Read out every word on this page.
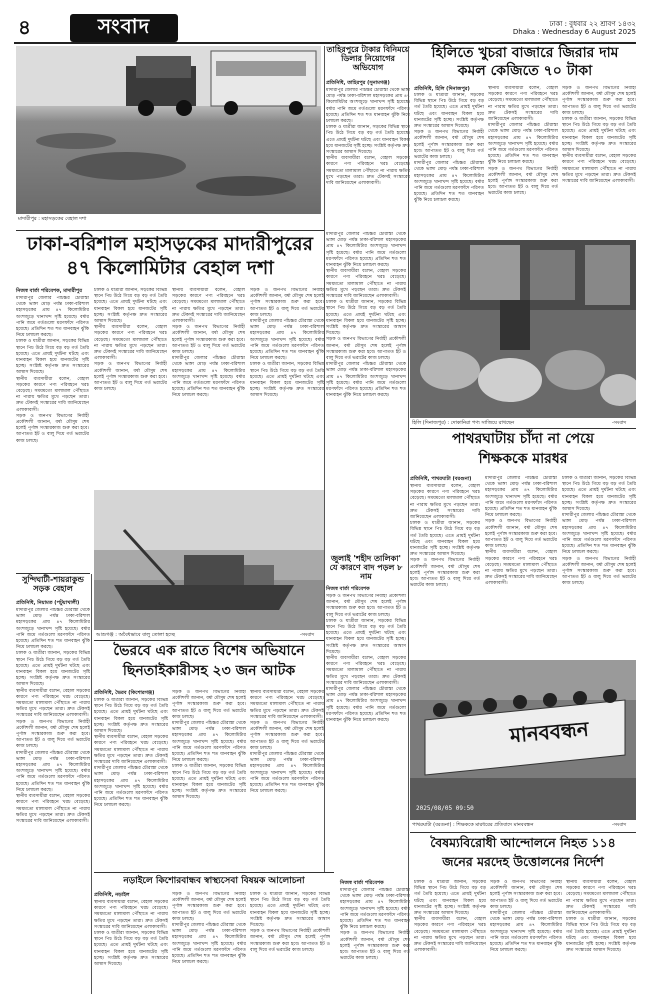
৪	সংবাদ	ঢাকা : বুধবার ২২ শ্রাবণ ১৪৩২
Dhaka : Wednesday 6 August 2025
মাদারীপুর : মহাসড়কের বেহাল দশা
তাহিরপুরে টাকার বিনিময়ে ডিলার নিয়োগের অভিযোগ
প্রতিনিধি, তাহিরপুর (সুনামগঞ্জ)
মাদারীপুর জেলার পাঁচচ্চর চৌরাস্তা থেকে ভাঙ্গা মোড় পর্যন্ত ঢাকা-বরিশাল মহাসড়কের প্রায় ৪৭ কিলোমিটার অংশজুড়ে খানাখন্দ সৃষ্টি হয়েছে। বর্ষার পানি জমে গর্তগুলো মরণফাঁদে পরিণত হয়েছে। প্রতিদিন শত শত যানবাহন ঝুঁকি নিয়ে চলাচল করছে।
চালক ও যাত্রীরা জানান, সড়কের বিভিন্ন স্থানে পিচ উঠে গিয়ে বড় বড় গর্ত তৈরি হয়েছে। এতে প্রায়ই দুর্ঘটনা ঘটছে এবং যানবাহন বিকল হয়ে যানজটের সৃষ্টি হচ্ছে। সংশ্লিষ্ট কর্তৃপক্ষ দ্রুত সংস্কারের আশ্বাস দিয়েছে।
স্থানীয় ব্যবসায়ীরা বলেন, বেহাল সড়কের কারণে পণ্য পরিবহনে খরচ বেড়েছে। সময়মতো মালামাল পৌঁছাতে না পারায় ক্ষতির মুখে পড়ছেন তারা। দ্রুত টেকসই সংস্কারের দাবি জানিয়েছেন এলাকাবাসী।
হিলিতে খুচরা বাজারে জিরার দাম
কমল কেজিতে ৭০ টাকা
প্রতিনিধি, হিলি (দিনাজপুর)
চালক ও যাত্রীরা জানান, সড়কের বিভিন্ন স্থানে পিচ উঠে গিয়ে বড় বড় গর্ত তৈরি হয়েছে। এতে প্রায়ই দুর্ঘটনা ঘটছে এবং যানবাহন বিকল হয়ে যানজটের সৃষ্টি হচ্ছে। সংশ্লিষ্ট কর্তৃপক্ষ দ্রুত সংস্কারের আশ্বাস দিয়েছে।
সড়ক ও জনপথ বিভাগের নির্বাহী প্রকৌশলী জানান, বর্ষা মৌসুম শেষ হলেই পূর্ণাঙ্গ সংস্কারকাজ শুরু করা হবে। আপাতত ইট ও বালু দিয়ে গর্ত ভরাটের কাজ চলছে।
মাদারীপুর জেলার পাঁচচ্চর চৌরাস্তা থেকে ভাঙ্গা মোড় পর্যন্ত ঢাকা-বরিশাল মহাসড়কের প্রায় ৪৭ কিলোমিটার অংশজুড়ে খানাখন্দ সৃষ্টি হয়েছে। বর্ষার পানি জমে গর্তগুলো মরণফাঁদে পরিণত হয়েছে। প্রতিদিন শত শত যানবাহন ঝুঁকি নিয়ে চলাচল করছে।
স্থানীয় ব্যবসায়ীরা বলেন, বেহাল সড়কের কারণে পণ্য পরিবহনে খরচ বেড়েছে। সময়মতো মালামাল পৌঁছাতে না পারায় ক্ষতির মুখে পড়ছেন তারা। দ্রুত টেকসই সংস্কারের দাবি জানিয়েছেন এলাকাবাসী।
মাদারীপুর জেলার পাঁচচ্চর চৌরাস্তা থেকে ভাঙ্গা মোড় পর্যন্ত ঢাকা-বরিশাল মহাসড়কের প্রায় ৪৭ কিলোমিটার অংশজুড়ে খানাখন্দ সৃষ্টি হয়েছে। বর্ষার পানি জমে গর্তগুলো মরণফাঁদে পরিণত হয়েছে। প্রতিদিন শত শত যানবাহন ঝুঁকি নিয়ে চলাচল করছে।
সড়ক ও জনপথ বিভাগের নির্বাহী প্রকৌশলী জানান, বর্ষা মৌসুম শেষ হলেই পূর্ণাঙ্গ সংস্কারকাজ শুরু করা হবে। আপাতত ইট ও বালু দিয়ে গর্ত ভরাটের কাজ চলছে।
সড়ক ও জনপথ বিভাগের নির্বাহী প্রকৌশলী জানান, বর্ষা মৌসুম শেষ হলেই পূর্ণাঙ্গ সংস্কারকাজ শুরু করা হবে। আপাতত ইট ও বালু দিয়ে গর্ত ভরাটের কাজ চলছে।
চালক ও যাত্রীরা জানান, সড়কের বিভিন্ন স্থানে পিচ উঠে গিয়ে বড় বড় গর্ত তৈরি হয়েছে। এতে প্রায়ই দুর্ঘটনা ঘটছে এবং যানবাহন বিকল হয়ে যানজটের সৃষ্টি হচ্ছে। সংশ্লিষ্ট কর্তৃপক্ষ দ্রুত সংস্কারের আশ্বাস দিয়েছে।
স্থানীয় ব্যবসায়ীরা বলেন, বেহাল সড়কের কারণে পণ্য পরিবহনে খরচ বেড়েছে। সময়মতো মালামাল পৌঁছাতে না পারায় ক্ষতির মুখে পড়ছেন তারা। দ্রুত টেকসই সংস্কারের দাবি জানিয়েছেন এলাকাবাসী।
হিলি (দিনাজপুর) : দোকানিরা পণ্য সাজিয়ে রাখছেন	-সংবাদ
ঢাকা-বরিশাল মহাসড়কের মাদারীপুরের
৪৭ কিলোমিটার বেহাল দশা
নিজস্ব বার্তা পরিবেশক, মাদারীপুর
মাদারীপুর জেলার পাঁচচ্চর চৌরাস্তা থেকে ভাঙ্গা মোড় পর্যন্ত ঢাকা-বরিশাল মহাসড়কের প্রায় ৪৭ কিলোমিটার অংশজুড়ে খানাখন্দ সৃষ্টি হয়েছে। বর্ষার পানি জমে গর্তগুলো মরণফাঁদে পরিণত হয়েছে। প্রতিদিন শত শত যানবাহন ঝুঁকি নিয়ে চলাচল করছে।
চালক ও যাত্রীরা জানান, সড়কের বিভিন্ন স্থানে পিচ উঠে গিয়ে বড় বড় গর্ত তৈরি হয়েছে। এতে প্রায়ই দুর্ঘটনা ঘটছে এবং যানবাহন বিকল হয়ে যানজটের সৃষ্টি হচ্ছে। সংশ্লিষ্ট কর্তৃপক্ষ দ্রুত সংস্কারের আশ্বাস দিয়েছে।
স্থানীয় ব্যবসায়ীরা বলেন, বেহাল সড়কের কারণে পণ্য পরিবহনে খরচ বেড়েছে। সময়মতো মালামাল পৌঁছাতে না পারায় ক্ষতির মুখে পড়ছেন তারা। দ্রুত টেকসই সংস্কারের দাবি জানিয়েছেন এলাকাবাসী।
সড়ক ও জনপথ বিভাগের নির্বাহী প্রকৌশলী জানান, বর্ষা মৌসুম শেষ হলেই পূর্ণাঙ্গ সংস্কারকাজ শুরু করা হবে। আপাতত ইট ও বালু দিয়ে গর্ত ভরাটের কাজ চলছে।
চালক ও যাত্রীরা জানান, সড়কের বিভিন্ন স্থানে পিচ উঠে গিয়ে বড় বড় গর্ত তৈরি হয়েছে। এতে প্রায়ই দুর্ঘটনা ঘটছে এবং যানবাহন বিকল হয়ে যানজটের সৃষ্টি হচ্ছে। সংশ্লিষ্ট কর্তৃপক্ষ দ্রুত সংস্কারের আশ্বাস দিয়েছে।
স্থানীয় ব্যবসায়ীরা বলেন, বেহাল সড়কের কারণে পণ্য পরিবহনে খরচ বেড়েছে। সময়মতো মালামাল পৌঁছাতে না পারায় ক্ষতির মুখে পড়ছেন তারা। দ্রুত টেকসই সংস্কারের দাবি জানিয়েছেন এলাকাবাসী।
সড়ক ও জনপথ বিভাগের নির্বাহী প্রকৌশলী জানান, বর্ষা মৌসুম শেষ হলেই পূর্ণাঙ্গ সংস্কারকাজ শুরু করা হবে। আপাতত ইট ও বালু দিয়ে গর্ত ভরাটের কাজ চলছে।
স্থানীয় ব্যবসায়ীরা বলেন, বেহাল সড়কের কারণে পণ্য পরিবহনে খরচ বেড়েছে। সময়মতো মালামাল পৌঁছাতে না পারায় ক্ষতির মুখে পড়ছেন তারা। দ্রুত টেকসই সংস্কারের দাবি জানিয়েছেন এলাকাবাসী।
সড়ক ও জনপথ বিভাগের নির্বাহী প্রকৌশলী জানান, বর্ষা মৌসুম শেষ হলেই পূর্ণাঙ্গ সংস্কারকাজ শুরু করা হবে। আপাতত ইট ও বালু দিয়ে গর্ত ভরাটের কাজ চলছে।
মাদারীপুর জেলার পাঁচচ্চর চৌরাস্তা থেকে ভাঙ্গা মোড় পর্যন্ত ঢাকা-বরিশাল মহাসড়কের প্রায় ৪৭ কিলোমিটার অংশজুড়ে খানাখন্দ সৃষ্টি হয়েছে। বর্ষার পানি জমে গর্তগুলো মরণফাঁদে পরিণত হয়েছে। প্রতিদিন শত শত যানবাহন ঝুঁকি নিয়ে চলাচল করছে।
সড়ক ও জনপথ বিভাগের নির্বাহী প্রকৌশলী জানান, বর্ষা মৌসুম শেষ হলেই পূর্ণাঙ্গ সংস্কারকাজ শুরু করা হবে। আপাতত ইট ও বালু দিয়ে গর্ত ভরাটের কাজ চলছে।
মাদারীপুর জেলার পাঁচচ্চর চৌরাস্তা থেকে ভাঙ্গা মোড় পর্যন্ত ঢাকা-বরিশাল মহাসড়কের প্রায় ৪৭ কিলোমিটার অংশজুড়ে খানাখন্দ সৃষ্টি হয়েছে। বর্ষার পানি জমে গর্তগুলো মরণফাঁদে পরিণত হয়েছে। প্রতিদিন শত শত যানবাহন ঝুঁকি নিয়ে চলাচল করছে।
চালক ও যাত্রীরা জানান, সড়কের বিভিন্ন স্থানে পিচ উঠে গিয়ে বড় বড় গর্ত তৈরি হয়েছে। এতে প্রায়ই দুর্ঘটনা ঘটছে এবং যানবাহন বিকল হয়ে যানজটের সৃষ্টি হচ্ছে। সংশ্লিষ্ট কর্তৃপক্ষ দ্রুত সংস্কারের আশ্বাস দিয়েছে।
মাদারীপুর জেলার পাঁচচ্চর চৌরাস্তা থেকে ভাঙ্গা মোড় পর্যন্ত ঢাকা-বরিশাল মহাসড়কের প্রায় ৪৭ কিলোমিটার অংশজুড়ে খানাখন্দ সৃষ্টি হয়েছে। বর্ষার পানি জমে গর্তগুলো মরণফাঁদে পরিণত হয়েছে। প্রতিদিন শত শত যানবাহন ঝুঁকি নিয়ে চলাচল করছে।
স্থানীয় ব্যবসায়ীরা বলেন, বেহাল সড়কের কারণে পণ্য পরিবহনে খরচ বেড়েছে। সময়মতো মালামাল পৌঁছাতে না পারায় ক্ষতির মুখে পড়ছেন তারা। দ্রুত টেকসই সংস্কারের দাবি জানিয়েছেন এলাকাবাসী।
চালক ও যাত্রীরা জানান, সড়কের বিভিন্ন স্থানে পিচ উঠে গিয়ে বড় বড় গর্ত তৈরি হয়েছে। এতে প্রায়ই দুর্ঘটনা ঘটছে এবং যানবাহন বিকল হয়ে যানজটের সৃষ্টি হচ্ছে। সংশ্লিষ্ট কর্তৃপক্ষ দ্রুত সংস্কারের আশ্বাস দিয়েছে।
সড়ক ও জনপথ বিভাগের নির্বাহী প্রকৌশলী জানান, বর্ষা মৌসুম শেষ হলেই পূর্ণাঙ্গ সংস্কারকাজ শুরু করা হবে। আপাতত ইট ও বালু দিয়ে গর্ত ভরাটের কাজ চলছে।
মাদারীপুর জেলার পাঁচচ্চর চৌরাস্তা থেকে ভাঙ্গা মোড় পর্যন্ত ঢাকা-বরিশাল মহাসড়কের প্রায় ৪৭ কিলোমিটার অংশজুড়ে খানাখন্দ সৃষ্টি হয়েছে। বর্ষার পানি জমে গর্তগুলো মরণফাঁদে পরিণত হয়েছে। প্রতিদিন শত শত যানবাহন ঝুঁকি নিয়ে চলাচল করছে।
সুন্দিঘাটী-শায়রাকুন্ড সড়ক বেহাল
প্রতিনিধি, নিয়ামত (পটুয়াখালী)
মাদারীপুর জেলার পাঁচচ্চর চৌরাস্তা থেকে ভাঙ্গা মোড় পর্যন্ত ঢাকা-বরিশাল মহাসড়কের প্রায় ৪৭ কিলোমিটার অংশজুড়ে খানাখন্দ সৃষ্টি হয়েছে। বর্ষার পানি জমে গর্তগুলো মরণফাঁদে পরিণত হয়েছে। প্রতিদিন শত শত যানবাহন ঝুঁকি নিয়ে চলাচল করছে।
চালক ও যাত্রীরা জানান, সড়কের বিভিন্ন স্থানে পিচ উঠে গিয়ে বড় বড় গর্ত তৈরি হয়েছে। এতে প্রায়ই দুর্ঘটনা ঘটছে এবং যানবাহন বিকল হয়ে যানজটের সৃষ্টি হচ্ছে। সংশ্লিষ্ট কর্তৃপক্ষ দ্রুত সংস্কারের আশ্বাস দিয়েছে।
স্থানীয় ব্যবসায়ীরা বলেন, বেহাল সড়কের কারণে পণ্য পরিবহনে খরচ বেড়েছে। সময়মতো মালামাল পৌঁছাতে না পারায় ক্ষতির মুখে পড়ছেন তারা। দ্রুত টেকসই সংস্কারের দাবি জানিয়েছেন এলাকাবাসী।
সড়ক ও জনপথ বিভাগের নির্বাহী প্রকৌশলী জানান, বর্ষা মৌসুম শেষ হলেই পূর্ণাঙ্গ সংস্কারকাজ শুরু করা হবে। আপাতত ইট ও বালু দিয়ে গর্ত ভরাটের কাজ চলছে।
মাদারীপুর জেলার পাঁচচ্চর চৌরাস্তা থেকে ভাঙ্গা মোড় পর্যন্ত ঢাকা-বরিশাল মহাসড়কের প্রায় ৪৭ কিলোমিটার অংশজুড়ে খানাখন্দ সৃষ্টি হয়েছে। বর্ষার পানি জমে গর্তগুলো মরণফাঁদে পরিণত হয়েছে। প্রতিদিন শত শত যানবাহন ঝুঁকি নিয়ে চলাচল করছে।
স্থানীয় ব্যবসায়ীরা বলেন, বেহাল সড়কের কারণে পণ্য পরিবহনে খরচ বেড়েছে। সময়মতো মালামাল পৌঁছাতে না পারায় ক্ষতির মুখে পড়ছেন তারা। দ্রুত টেকসই সংস্কারের দাবি জানিয়েছেন এলাকাবাসী।
আশুগঞ্জ : অবৈধভাবে বালু তোলা হচ্ছে	-সংবাদ
পাথরঘাটায় চাঁদা না পেয়ে
শিক্ষককে মারধর
প্রতিনিধি, পাথরঘাটা (বরগুনা)
স্থানীয় ব্যবসায়ীরা বলেন, বেহাল সড়কের কারণে পণ্য পরিবহনে খরচ বেড়েছে। সময়মতো মালামাল পৌঁছাতে না পারায় ক্ষতির মুখে পড়ছেন তারা। দ্রুত টেকসই সংস্কারের দাবি জানিয়েছেন এলাকাবাসী।
চালক ও যাত্রীরা জানান, সড়কের বিভিন্ন স্থানে পিচ উঠে গিয়ে বড় বড় গর্ত তৈরি হয়েছে। এতে প্রায়ই দুর্ঘটনা ঘটছে এবং যানবাহন বিকল হয়ে যানজটের সৃষ্টি হচ্ছে। সংশ্লিষ্ট কর্তৃপক্ষ দ্রুত সংস্কারের আশ্বাস দিয়েছে।
সড়ক ও জনপথ বিভাগের নির্বাহী প্রকৌশলী জানান, বর্ষা মৌসুম শেষ হলেই পূর্ণাঙ্গ সংস্কারকাজ শুরু করা হবে। আপাতত ইট ও বালু দিয়ে গর্ত ভরাটের কাজ চলছে।
মাদারীপুর জেলার পাঁচচ্চর চৌরাস্তা থেকে ভাঙ্গা মোড় পর্যন্ত ঢাকা-বরিশাল মহাসড়কের প্রায় ৪৭ কিলোমিটার অংশজুড়ে খানাখন্দ সৃষ্টি হয়েছে। বর্ষার পানি জমে গর্তগুলো মরণফাঁদে পরিণত হয়েছে। প্রতিদিন শত শত যানবাহন ঝুঁকি নিয়ে চলাচল করছে।
সড়ক ও জনপথ বিভাগের নির্বাহী প্রকৌশলী জানান, বর্ষা মৌসুম শেষ হলেই পূর্ণাঙ্গ সংস্কারকাজ শুরু করা হবে। আপাতত ইট ও বালু দিয়ে গর্ত ভরাটের কাজ চলছে।
স্থানীয় ব্যবসায়ীরা বলেন, বেহাল সড়কের কারণে পণ্য পরিবহনে খরচ বেড়েছে। সময়মতো মালামাল পৌঁছাতে না পারায় ক্ষতির মুখে পড়ছেন তারা। দ্রুত টেকসই সংস্কারের দাবি জানিয়েছেন এলাকাবাসী।
চালক ও যাত্রীরা জানান, সড়কের বিভিন্ন স্থানে পিচ উঠে গিয়ে বড় বড় গর্ত তৈরি হয়েছে। এতে প্রায়ই দুর্ঘটনা ঘটছে এবং যানবাহন বিকল হয়ে যানজটের সৃষ্টি হচ্ছে। সংশ্লিষ্ট কর্তৃপক্ষ দ্রুত সংস্কারের আশ্বাস দিয়েছে।
মাদারীপুর জেলার পাঁচচ্চর চৌরাস্তা থেকে ভাঙ্গা মোড় পর্যন্ত ঢাকা-বরিশাল মহাসড়কের প্রায় ৪৭ কিলোমিটার অংশজুড়ে খানাখন্দ সৃষ্টি হয়েছে। বর্ষার পানি জমে গর্তগুলো মরণফাঁদে পরিণত হয়েছে। প্রতিদিন শত শত যানবাহন ঝুঁকি নিয়ে চলাচল করছে।
সড়ক ও জনপথ বিভাগের নির্বাহী প্রকৌশলী জানান, বর্ষা মৌসুম শেষ হলেই পূর্ণাঙ্গ সংস্কারকাজ শুরু করা হবে। আপাতত ইট ও বালু দিয়ে গর্ত ভরাটের কাজ চলছে।
জুলাই 'শহীদ তালিকা' যে কারণে বাদ পড়ল ৮ নাম
নিজস্ব বার্তা পরিবেশক
সড়ক ও জনপথ বিভাগের নির্বাহী প্রকৌশলী জানান, বর্ষা মৌসুম শেষ হলেই পূর্ণাঙ্গ সংস্কারকাজ শুরু করা হবে। আপাতত ইট ও বালু দিয়ে গর্ত ভরাটের কাজ চলছে।
চালক ও যাত্রীরা জানান, সড়কের বিভিন্ন স্থানে পিচ উঠে গিয়ে বড় বড় গর্ত তৈরি হয়েছে। এতে প্রায়ই দুর্ঘটনা ঘটছে এবং যানবাহন বিকল হয়ে যানজটের সৃষ্টি হচ্ছে। সংশ্লিষ্ট কর্তৃপক্ষ দ্রুত সংস্কারের আশ্বাস দিয়েছে।
স্থানীয় ব্যবসায়ীরা বলেন, বেহাল সড়কের কারণে পণ্য পরিবহনে খরচ বেড়েছে। সময়মতো মালামাল পৌঁছাতে না পারায় ক্ষতির মুখে পড়ছেন তারা। দ্রুত টেকসই সংস্কারের দাবি জানিয়েছেন এলাকাবাসী।
মাদারীপুর জেলার পাঁচচ্চর চৌরাস্তা থেকে ভাঙ্গা মোড় পর্যন্ত ঢাকা-বরিশাল মহাসড়কের প্রায় ৪৭ কিলোমিটার অংশজুড়ে খানাখন্দ সৃষ্টি হয়েছে। বর্ষার পানি জমে গর্তগুলো মরণফাঁদে পরিণত হয়েছে। প্রতিদিন শত শত যানবাহন ঝুঁকি নিয়ে চলাচল করছে।
ভৈরবে এক রাতে বিশেষ অভিযানে
ছিনতাইকারীসহ ২৩ জন আটক
প্রতিনিধি, ভৈরব (কিশোরগঞ্জ)
চালক ও যাত্রীরা জানান, সড়কের বিভিন্ন স্থানে পিচ উঠে গিয়ে বড় বড় গর্ত তৈরি হয়েছে। এতে প্রায়ই দুর্ঘটনা ঘটছে এবং যানবাহন বিকল হয়ে যানজটের সৃষ্টি হচ্ছে। সংশ্লিষ্ট কর্তৃপক্ষ দ্রুত সংস্কারের আশ্বাস দিয়েছে।
স্থানীয় ব্যবসায়ীরা বলেন, বেহাল সড়কের কারণে পণ্য পরিবহনে খরচ বেড়েছে। সময়মতো মালামাল পৌঁছাতে না পারায় ক্ষতির মুখে পড়ছেন তারা। দ্রুত টেকসই সংস্কারের দাবি জানিয়েছেন এলাকাবাসী।
মাদারীপুর জেলার পাঁচচ্চর চৌরাস্তা থেকে ভাঙ্গা মোড় পর্যন্ত ঢাকা-বরিশাল মহাসড়কের প্রায় ৪৭ কিলোমিটার অংশজুড়ে খানাখন্দ সৃষ্টি হয়েছে। বর্ষার পানি জমে গর্তগুলো মরণফাঁদে পরিণত হয়েছে। প্রতিদিন শত শত যানবাহন ঝুঁকি নিয়ে চলাচল করছে।
সড়ক ও জনপথ বিভাগের নির্বাহী প্রকৌশলী জানান, বর্ষা মৌসুম শেষ হলেই পূর্ণাঙ্গ সংস্কারকাজ শুরু করা হবে। আপাতত ইট ও বালু দিয়ে গর্ত ভরাটের কাজ চলছে।
মাদারীপুর জেলার পাঁচচ্চর চৌরাস্তা থেকে ভাঙ্গা মোড় পর্যন্ত ঢাকা-বরিশাল মহাসড়কের প্রায় ৪৭ কিলোমিটার অংশজুড়ে খানাখন্দ সৃষ্টি হয়েছে। বর্ষার পানি জমে গর্তগুলো মরণফাঁদে পরিণত হয়েছে। প্রতিদিন শত শত যানবাহন ঝুঁকি নিয়ে চলাচল করছে।
চালক ও যাত্রীরা জানান, সড়কের বিভিন্ন স্থানে পিচ উঠে গিয়ে বড় বড় গর্ত তৈরি হয়েছে। এতে প্রায়ই দুর্ঘটনা ঘটছে এবং যানবাহন বিকল হয়ে যানজটের সৃষ্টি হচ্ছে। সংশ্লিষ্ট কর্তৃপক্ষ দ্রুত সংস্কারের আশ্বাস দিয়েছে।
স্থানীয় ব্যবসায়ীরা বলেন, বেহাল সড়কের কারণে পণ্য পরিবহনে খরচ বেড়েছে। সময়মতো মালামাল পৌঁছাতে না পারায় ক্ষতির মুখে পড়ছেন তারা। দ্রুত টেকসই সংস্কারের দাবি জানিয়েছেন এলাকাবাসী।
সড়ক ও জনপথ বিভাগের নির্বাহী প্রকৌশলী জানান, বর্ষা মৌসুম শেষ হলেই পূর্ণাঙ্গ সংস্কারকাজ শুরু করা হবে। আপাতত ইট ও বালু দিয়ে গর্ত ভরাটের কাজ চলছে।
মাদারীপুর জেলার পাঁচচ্চর চৌরাস্তা থেকে ভাঙ্গা মোড় পর্যন্ত ঢাকা-বরিশাল মহাসড়কের প্রায় ৪৭ কিলোমিটার অংশজুড়ে খানাখন্দ সৃষ্টি হয়েছে। বর্ষার পানি জমে গর্তগুলো মরণফাঁদে পরিণত হয়েছে। প্রতিদিন শত শত যানবাহন ঝুঁকি নিয়ে চলাচল করছে।
মানববন্ধন
2025/08/05 09:50
পাথরঘাটা (বরগুনা) : শিক্ষককে মারধরের প্রতিবাদে মানববন্ধন	-সংবাদ
বৈষম্যবিরোধী আন্দোলনে নিহত ১১৪
জনের মরদেহ উত্তোলনের নির্দেশ
নিজস্ব বার্তা পরিবেশক
মাদারীপুর জেলার পাঁচচ্চর চৌরাস্তা থেকে ভাঙ্গা মোড় পর্যন্ত ঢাকা-বরিশাল মহাসড়কের প্রায় ৪৭ কিলোমিটার অংশজুড়ে খানাখন্দ সৃষ্টি হয়েছে। বর্ষার পানি জমে গর্তগুলো মরণফাঁদে পরিণত হয়েছে। প্রতিদিন শত শত যানবাহন ঝুঁকি নিয়ে চলাচল করছে।
সড়ক ও জনপথ বিভাগের নির্বাহী প্রকৌশলী জানান, বর্ষা মৌসুম শেষ হলেই পূর্ণাঙ্গ সংস্কারকাজ শুরু করা হবে। আপাতত ইট ও বালু দিয়ে গর্ত ভরাটের কাজ চলছে।
চালক ও যাত্রীরা জানান, সড়কের বিভিন্ন স্থানে পিচ উঠে গিয়ে বড় বড় গর্ত তৈরি হয়েছে। এতে প্রায়ই দুর্ঘটনা ঘটছে এবং যানবাহন বিকল হয়ে যানজটের সৃষ্টি হচ্ছে। সংশ্লিষ্ট কর্তৃপক্ষ দ্রুত সংস্কারের আশ্বাস দিয়েছে।
স্থানীয় ব্যবসায়ীরা বলেন, বেহাল সড়কের কারণে পণ্য পরিবহনে খরচ বেড়েছে। সময়মতো মালামাল পৌঁছাতে না পারায় ক্ষতির মুখে পড়ছেন তারা। দ্রুত টেকসই সংস্কারের দাবি জানিয়েছেন এলাকাবাসী।
সড়ক ও জনপথ বিভাগের নির্বাহী প্রকৌশলী জানান, বর্ষা মৌসুম শেষ হলেই পূর্ণাঙ্গ সংস্কারকাজ শুরু করা হবে। আপাতত ইট ও বালু দিয়ে গর্ত ভরাটের কাজ চলছে।
মাদারীপুর জেলার পাঁচচ্চর চৌরাস্তা থেকে ভাঙ্গা মোড় পর্যন্ত ঢাকা-বরিশাল মহাসড়কের প্রায় ৪৭ কিলোমিটার অংশজুড়ে খানাখন্দ সৃষ্টি হয়েছে। বর্ষার পানি জমে গর্তগুলো মরণফাঁদে পরিণত হয়েছে। প্রতিদিন শত শত যানবাহন ঝুঁকি নিয়ে চলাচল করছে।
স্থানীয় ব্যবসায়ীরা বলেন, বেহাল সড়কের কারণে পণ্য পরিবহনে খরচ বেড়েছে। সময়মতো মালামাল পৌঁছাতে না পারায় ক্ষতির মুখে পড়ছেন তারা। দ্রুত টেকসই সংস্কারের দাবি জানিয়েছেন এলাকাবাসী।
চালক ও যাত্রীরা জানান, সড়কের বিভিন্ন স্থানে পিচ উঠে গিয়ে বড় বড় গর্ত তৈরি হয়েছে। এতে প্রায়ই দুর্ঘটনা ঘটছে এবং যানবাহন বিকল হয়ে যানজটের সৃষ্টি হচ্ছে। সংশ্লিষ্ট কর্তৃপক্ষ দ্রুত সংস্কারের আশ্বাস দিয়েছে।
নড়াইলে কিশোরবান্ধব স্বাস্থ্যসেবা বিষয়ক আলোচনা
প্রতিনিধি, নড়াইল
স্থানীয় ব্যবসায়ীরা বলেন, বেহাল সড়কের কারণে পণ্য পরিবহনে খরচ বেড়েছে। সময়মতো মালামাল পৌঁছাতে না পারায় ক্ষতির মুখে পড়ছেন তারা। দ্রুত টেকসই সংস্কারের দাবি জানিয়েছেন এলাকাবাসী।
চালক ও যাত্রীরা জানান, সড়কের বিভিন্ন স্থানে পিচ উঠে গিয়ে বড় বড় গর্ত তৈরি হয়েছে। এতে প্রায়ই দুর্ঘটনা ঘটছে এবং যানবাহন বিকল হয়ে যানজটের সৃষ্টি হচ্ছে। সংশ্লিষ্ট কর্তৃপক্ষ দ্রুত সংস্কারের আশ্বাস দিয়েছে।
সড়ক ও জনপথ বিভাগের নির্বাহী প্রকৌশলী জানান, বর্ষা মৌসুম শেষ হলেই পূর্ণাঙ্গ সংস্কারকাজ শুরু করা হবে। আপাতত ইট ও বালু দিয়ে গর্ত ভরাটের কাজ চলছে।
মাদারীপুর জেলার পাঁচচ্চর চৌরাস্তা থেকে ভাঙ্গা মোড় পর্যন্ত ঢাকা-বরিশাল মহাসড়কের প্রায় ৪৭ কিলোমিটার অংশজুড়ে খানাখন্দ সৃষ্টি হয়েছে। বর্ষার পানি জমে গর্তগুলো মরণফাঁদে পরিণত হয়েছে। প্রতিদিন শত শত যানবাহন ঝুঁকি নিয়ে চলাচল করছে।
চালক ও যাত্রীরা জানান, সড়কের বিভিন্ন স্থানে পিচ উঠে গিয়ে বড় বড় গর্ত তৈরি হয়েছে। এতে প্রায়ই দুর্ঘটনা ঘটছে এবং যানবাহন বিকল হয়ে যানজটের সৃষ্টি হচ্ছে। সংশ্লিষ্ট কর্তৃপক্ষ দ্রুত সংস্কারের আশ্বাস দিয়েছে।
সড়ক ও জনপথ বিভাগের নির্বাহী প্রকৌশলী জানান, বর্ষা মৌসুম শেষ হলেই পূর্ণাঙ্গ সংস্কারকাজ শুরু করা হবে। আপাতত ইট ও বালু দিয়ে গর্ত ভরাটের কাজ চলছে।
